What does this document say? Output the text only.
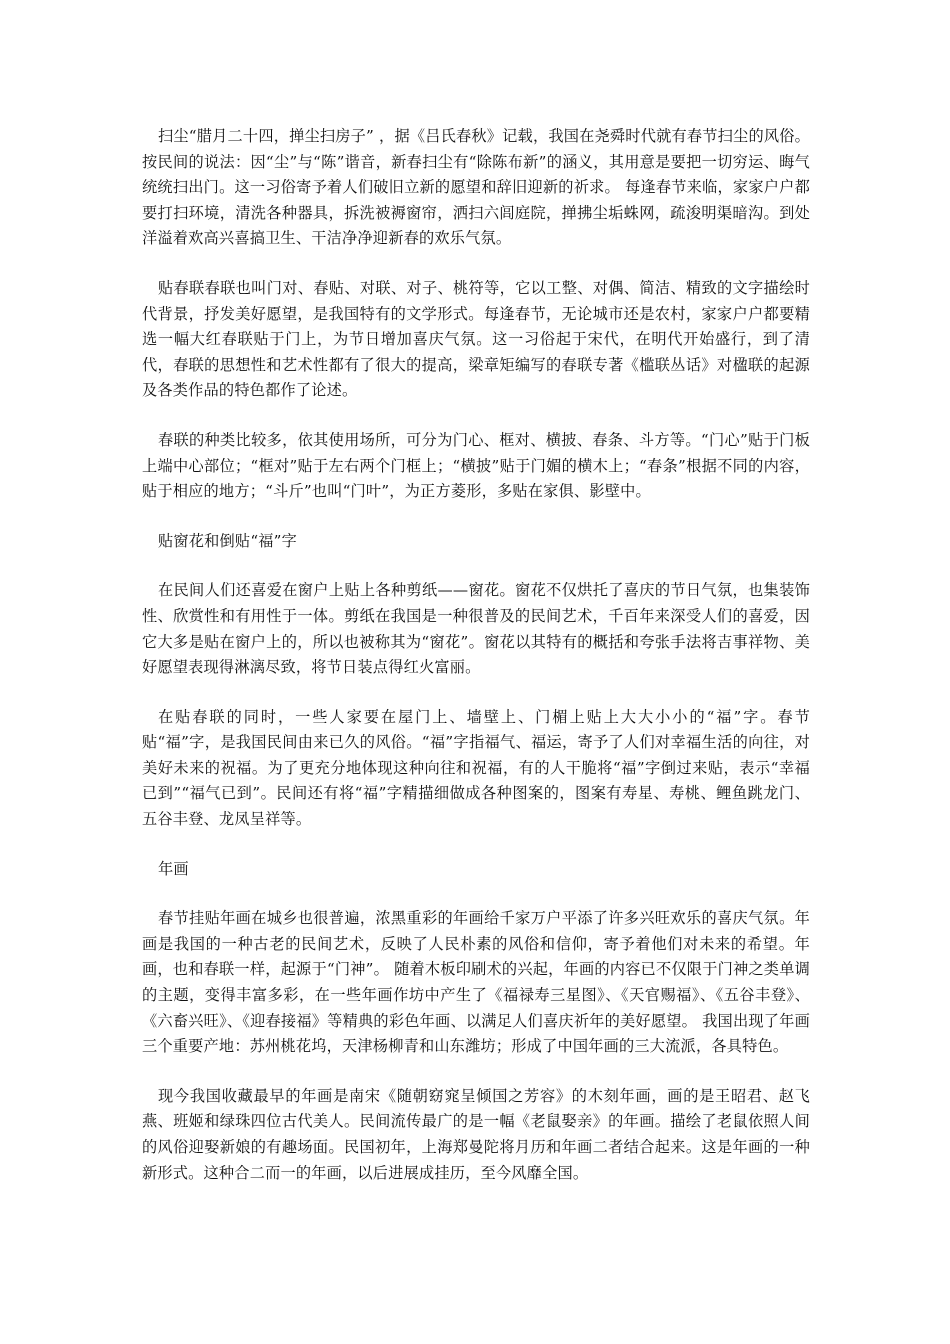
扫尘“腊月二十四，掸尘扫房子” ，据《吕氏春秋》记载，我国在尧舜时代就有春节扫尘的风俗。按民间的说法：因“尘”与“陈”谐音，新春扫尘有“除陈布新”的涵义，其用意是要把一切穷运、晦气统统扫出门。这一习俗寄予着人们破旧立新的愿望和辞旧迎新的祈求。 每逢春节来临，家家户户都要打扫环境，清洗各种器具，拆洗被褥窗帘，洒扫六闾庭院，掸拂尘垢蛛网，疏浚明渠暗沟。到处洋溢着欢高兴喜搞卫生、干洁净净迎新春的欢乐气氛。

贴春联春联也叫门对、春贴、对联、对子、桃符等，它以工整、对偶、简洁、精致的文字描绘时代背景，抒发美好愿望，是我国特有的文学形式。每逢春节，无论城市还是农村，家家户户都要精选一幅大红春联贴于门上，为节日增加喜庆气氛。这一习俗起于宋代，在明代开始盛行，到了清代，春联的思想性和艺术性都有了很大的提高，梁章矩编写的春联专著《槛联丛话》对楹联的起源及各类作品的特色都作了论述。

春联的种类比较多，依其使用场所，可分为门心、框对、横披、春条、斗方等。“门心”贴于门板上端中心部位；“框对”贴于左右两个门框上；“横披”贴于门媚的横木上；“春条”根据不同的内容，贴于相应的地方；“斗斤”也叫“门叶”，为正方菱形，多贴在家俱、影壁中。

贴窗花和倒贴“福”字

在民间人们还喜爱在窗户上贴上各种剪纸——窗花。窗花不仅烘托了喜庆的节日气氛，也集装饰性、欣赏性和有用性于一体。剪纸在我国是一种很普及的民间艺术，千百年来深受人们的喜爱，因它大多是贴在窗户上的，所以也被称其为“窗花”。窗花以其特有的概括和夸张手法将吉事祥物、美好愿望表现得淋漓尽致，将节日装点得红火富丽。

在贴春联的同时，一些人家要在屋门上、墙壁上、门楣上贴上大大小小的“福”字。春节贴“福”字，是我国民间由来已久的风俗。“福”字指福气、福运，寄予了人们对幸福生活的向往，对美好未来的祝福。为了更充分地体现这种向往和祝福，有的人干脆将“福”字倒过来贴，表示“幸福已到”“福气已到”。民间还有将“福”字精描细做成各种图案的，图案有寿星、寿桃、鲤鱼跳龙门、五谷丰登、龙凤呈祥等。

年画

春节挂贴年画在城乡也很普遍，浓黑重彩的年画给千家万户平添了许多兴旺欢乐的喜庆气氛。年画是我国的一种古老的民间艺术，反映了人民朴素的风俗和信仰，寄予着他们对未来的希望。年画，也和春联一样，起源于“门神”。 随着木板印刷术的兴起，年画的内容已不仅限于门神之类单调的主题，变得丰富多彩，在一些年画作坊中产生了《福禄寿三星图》、《天官赐福》、《五谷丰登》、《六畜兴旺》、《迎春接福》等精典的彩色年画、以满足人们喜庆祈年的美好愿望。 我国出现了年画三个重要产地：苏州桃花坞，天津杨柳青和山东潍坊；形成了中国年画的三大流派，各具特色。

现今我国收藏最早的年画是南宋《随朝窈窕呈倾国之芳容》的木刻年画，画的是王昭君、赵飞燕、班姬和绿珠四位古代美人。民间流传最广的是一幅《老鼠娶亲》的年画。描绘了老鼠依照人间的风俗迎娶新娘的有趣场面。民国初年，上海郑曼陀将月历和年画二者结合起来。这是年画的一种新形式。这种合二而一的年画，以后进展成挂历，至今风靡全国。
